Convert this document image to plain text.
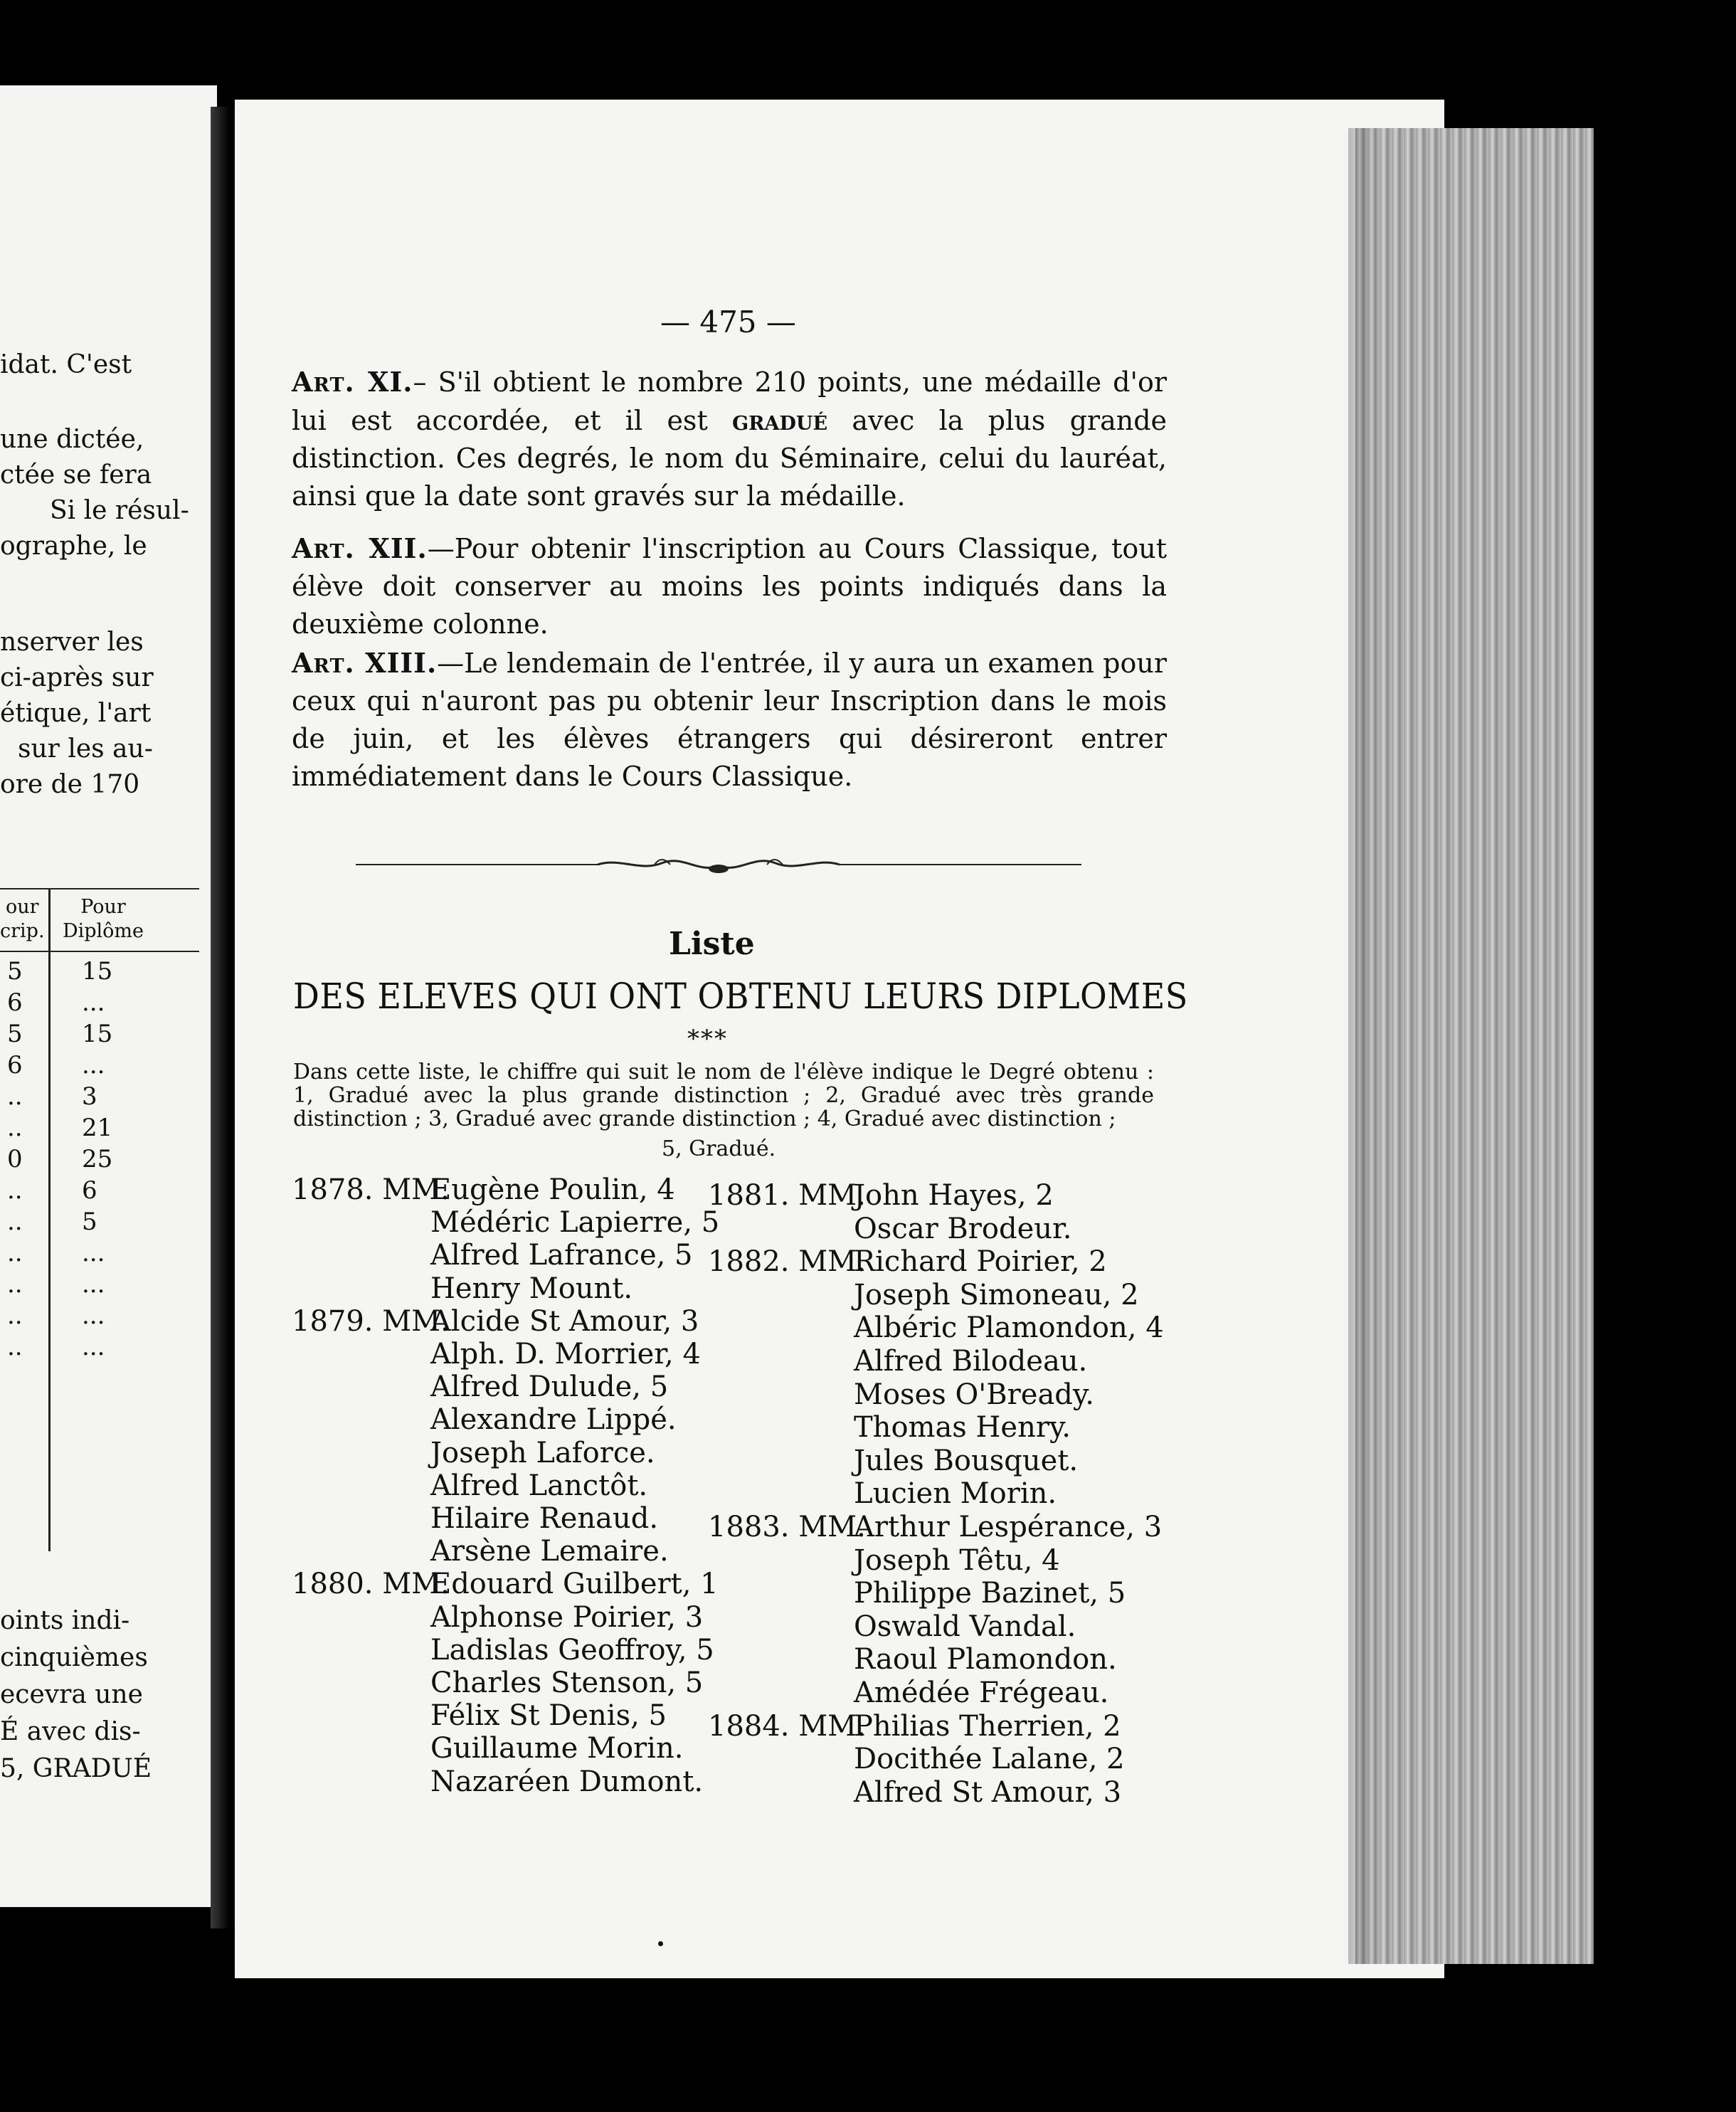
idat. C'est
une dictée,
ctée se fera
Si le résul-
ographe, le
nserver les
ci-après sur
étique, l'art
sur les au-
ore de 170
our
crip.
Pour
Diplôme
5 15
6 ...
5 15
6 ...
.. 3
.. 21
0 25
.. 6
.. 5
.. ...
.. ...
.. ...
.. ...
oints indi-
cinquièmes
ecevra une
É avec dis-
5, GRADUÉ
— 475 —
Art. XI.– S'il obtient le nombre 210 points, une médaille d'or lui est accordée, et il est gradué avec la plus grande distinction. Ces degrés, le nom du Séminaire, celui du lauréat, ainsi que la date sont gravés sur la médaille.
Art. XII.—Pour obtenir l'inscription au Cours Classique, tout élève doit conserver au moins les points indiqués dans la deuxième colonne.
Art. XIII.—Le lendemain de l'entrée, il y aura un examen pour ceux qui n'auront pas pu obtenir leur Inscription dans le mois de juin, et les élèves étrangers qui désireront entrer immédiatement dans le Cours Classique.
Liste
DES ELEVES QUI ONT OBTENU LEURS DIPLOMES
***
Dans cette liste, le chiffre qui suit le nom de l'élève indique le Degré obtenu : 1, Gradué avec la plus grande distinction ; 2, Gradué avec très grande distinction ; 3, Gradué avec grande distinction ; 4, Gradué avec distinction ;
5, Gradué.
1878. MM.
Eugène Poulin, 4
Médéric Lapierre, 5
Alfred Lafrance, 5
Henry Mount.
1879. MM.
Alcide St Amour, 3
Alph. D. Morrier, 4
Alfred Dulude, 5
Alexandre Lippé.
Joseph Laforce.
Alfred Lanctôt.
Hilaire Renaud.
Arsène Lemaire.
1880. MM.
Edouard Guilbert, 1
Alphonse Poirier, 3
Ladislas Geoffroy, 5
Charles Stenson, 5
Félix St Denis, 5
Guillaume Morin.
Nazaréen Dumont.
1881. MM.
John Hayes, 2
Oscar Brodeur.
1882. MM.
Richard Poirier, 2
Joseph Simoneau, 2
Albéric Plamondon, 4
Alfred Bilodeau.
Moses O'Bready.
Thomas Henry.
Jules Bousquet.
Lucien Morin.
1883. MM.
Arthur Lespérance, 3
Joseph Têtu, 4
Philippe Bazinet, 5
Oswald Vandal.
Raoul Plamondon.
Amédée Frégeau.
1884. MM.
Philias Therrien, 2
Docithée Lalane, 2
Alfred St Amour, 3
